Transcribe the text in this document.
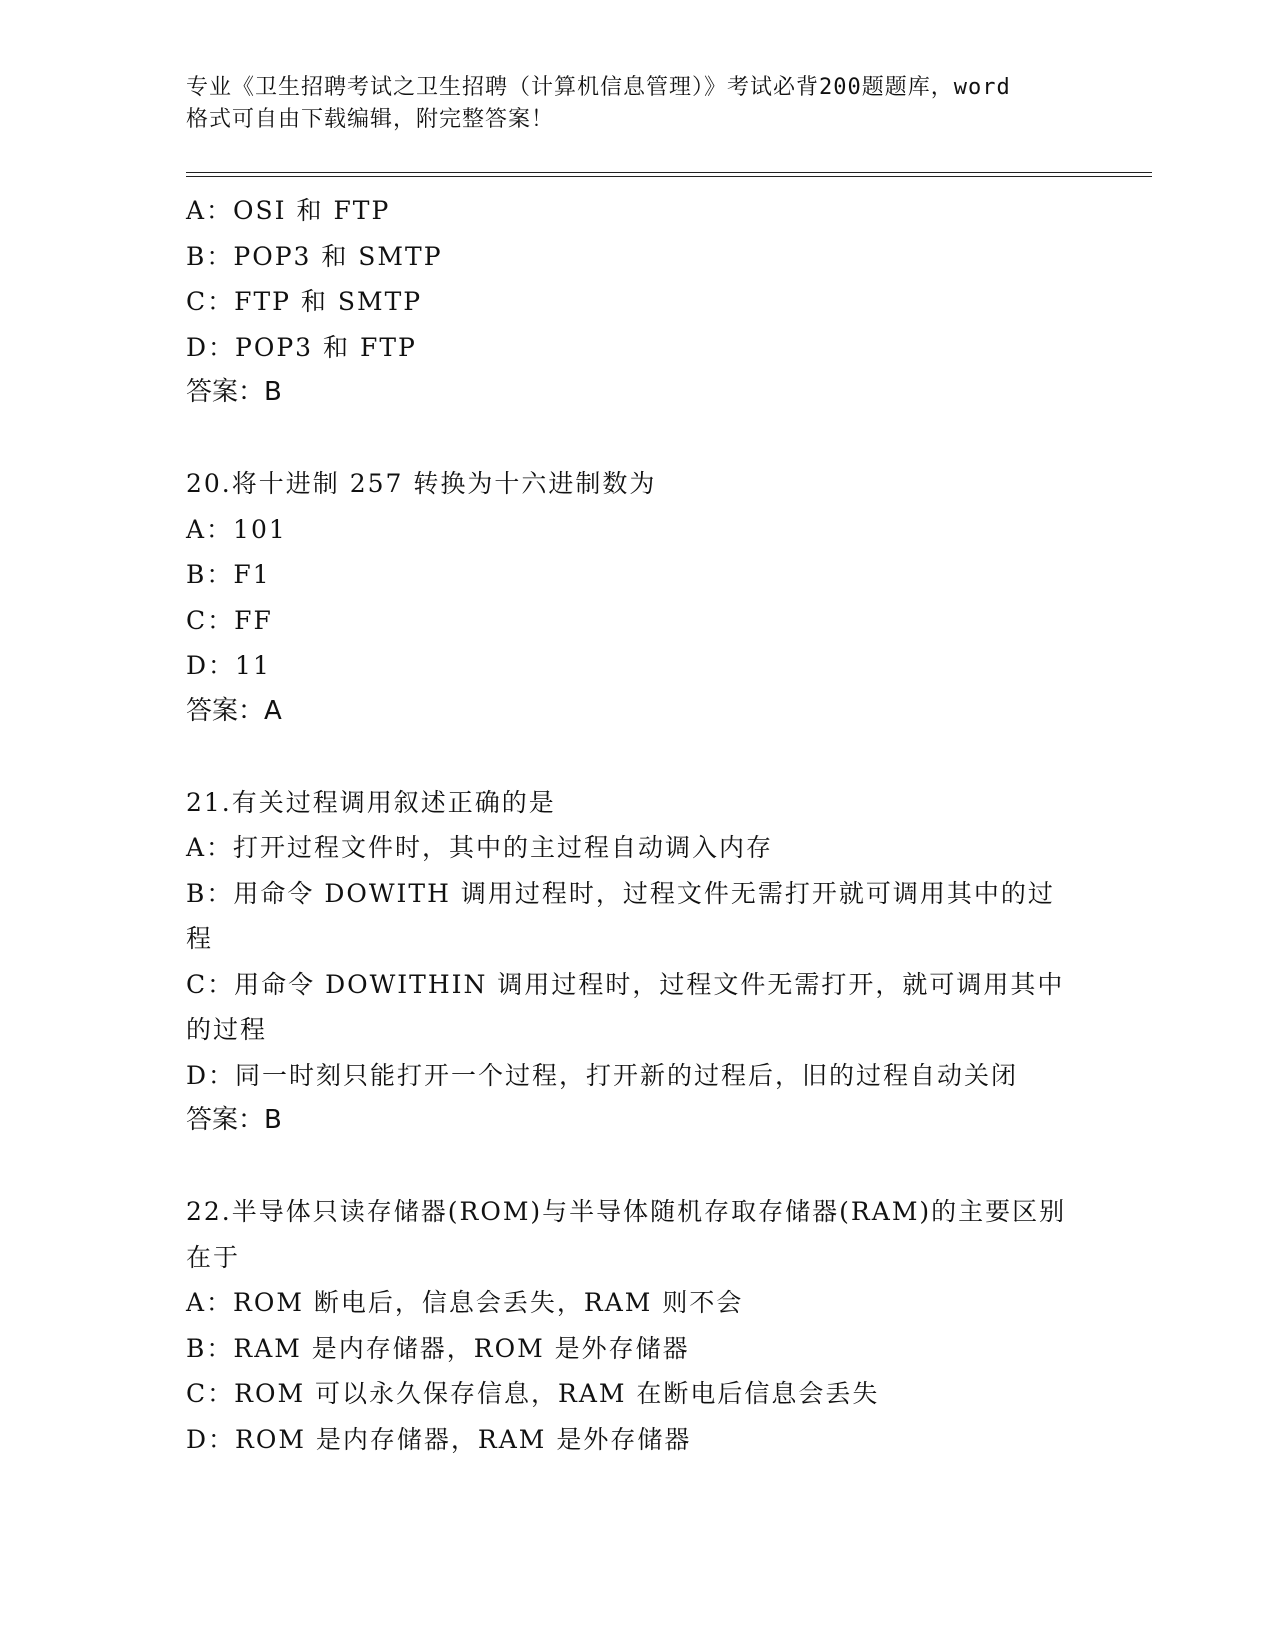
专业《卫生招聘考试之卫生招聘（计算机信息管理）》考试必背200题题库，word
格式可自由下载编辑，附完整答案！
A：OSI 和 FTP
B：POP3 和 SMTP
C：FTP 和 SMTP
D：POP3 和 FTP
答案：B
20.将十进制 257 转换为十六进制数为
A：101
B：F1
C：FF
D：11
答案：A
21.有关过程调用叙述正确的是
A：打开过程文件时，其中的主过程自动调入内存
B：用命令 DOWITH 调用过程时，过程文件无需打开就可调用其中的过
程
C：用命令 DOWITHIN 调用过程时，过程文件无需打开，就可调用其中
的过程
D：同一时刻只能打开一个过程，打开新的过程后，旧的过程自动关闭
答案：B
22.半导体只读存储器(ROM)与半导体随机存取存储器(RAM)的主要区别
在于
A：ROM 断电后，信息会丢失，RAM 则不会
B：RAM 是内存储器，ROM 是外存储器
C：ROM 可以永久保存信息，RAM 在断电后信息会丢失
D：ROM 是内存储器，RAM 是外存储器
